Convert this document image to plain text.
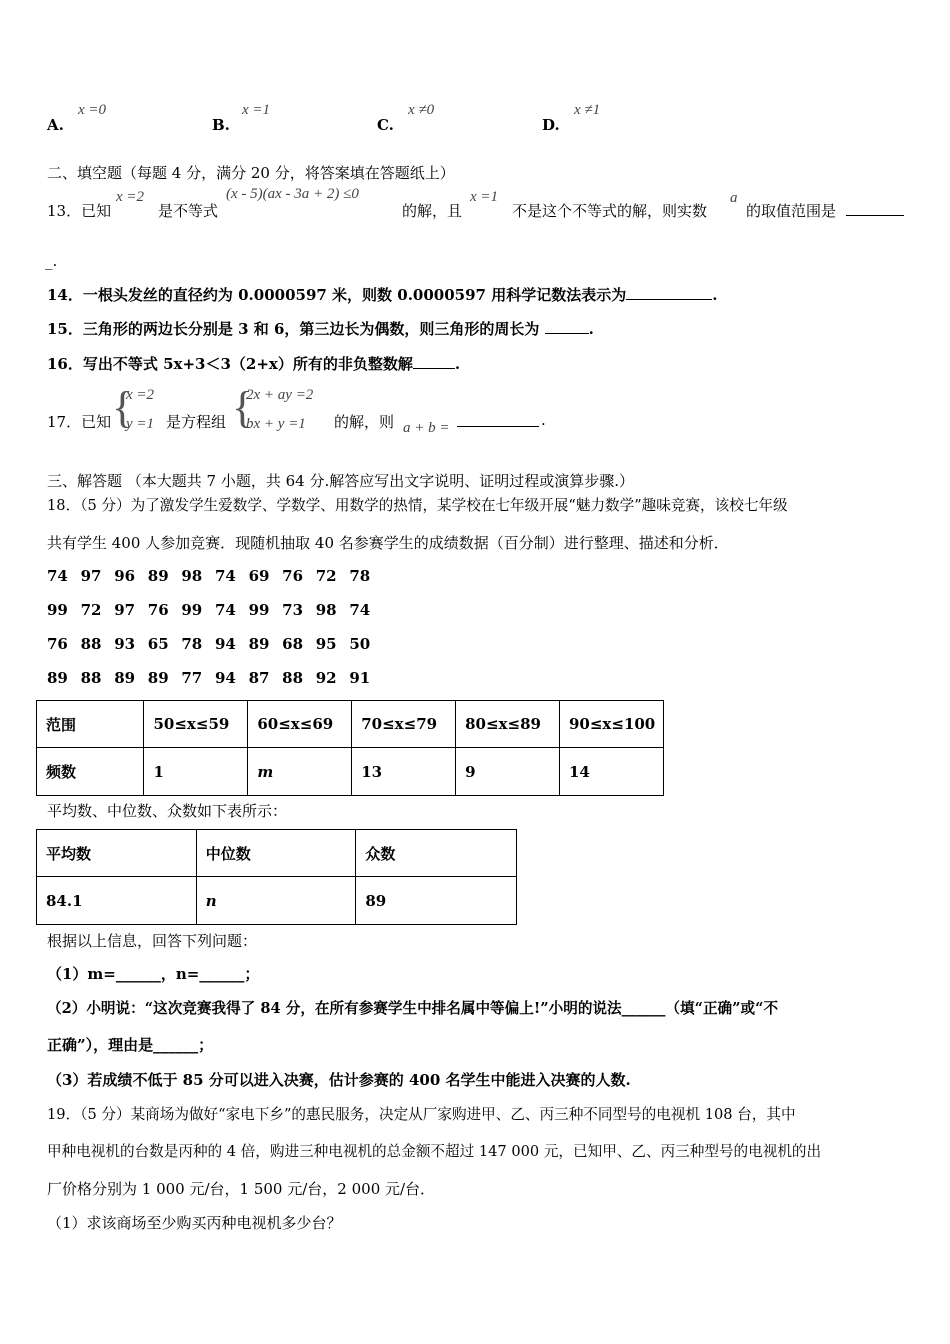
A.
x =0
B.
x =1
C.
x ≠0
D.
x ≠1
二、填空题（每题 4 分，满分 20 分，将答案填在答题纸上）
13．已知
x =2
是不等式
(x - 5)(ax - 3a + 2) ≤0
的解，且
x =1
不是这个不等式的解，则实数
a
的取值范围是
_.
14．一根头发丝的直径约为 0.0000597 米，则数 0.0000597 用科学记数法表示为	.
15．三角形的两边长分别是 3 和 6，第三边长为偶数，则三角形的周长为	.
16．写出不等式 5x+3＜3（2+x）所有的非负整数解	.
17．已知 {
x =2
y =1 是方程组 {
2x + ay =2
bx + y =1 的解，则 a + b =	.
三、解答题 （本大题共 7 小题，共 64 分.解答应写出文字说明、证明过程或演算步骤.）
18．（5 分）为了激发学生爱数学、学数学、用数学的热情，某学校在七年级开展“魅力数学”趣味竞赛，该校七年级
共有学生 400 人参加竞赛．现随机抽取 40 名参赛学生的成绩数据（百分制）进行整理、描述和分析．
74 97 96 89 98 74 69 76 72 78
99 72 97 76 99 74 99 73 98 74
76 88 93 65 78 94 89 68 95 50
89 88 89 89 77 94 87 88 92 91
范围	50≤x≤59	60≤x≤69	70≤x≤79	80≤x≤89	90≤x≤100
频数	1	m	13	9	14
平均数、中位数、众数如下表所示：
平均数	中位数	众数
84.1	n	89
根据以上信息，回答下列问题：
（1）m=______，n=______；
（2）小明说：“这次竞赛我得了 84 分，在所有参赛学生中排名属中等偏上!”小明的说法______（填“正确”或“不
正确”），理由是______；
（3）若成绩不低于 85 分可以进入决赛，估计参赛的 400 名学生中能进入决赛的人数.
19．（5 分）某商场为做好“家电下乡”的惠民服务，决定从厂家购进甲、乙、丙三种不同型号的电视机 108 台，其中
甲种电视机的台数是丙种的 4 倍，购进三种电视机的总金额不超过 147 000 元，已知甲、乙、丙三种型号的电视机的出
厂价格分别为 1 000 元/台，1 500 元/台，2 000 元/台．
（1）求该商场至少购买丙种电视机多少台？
